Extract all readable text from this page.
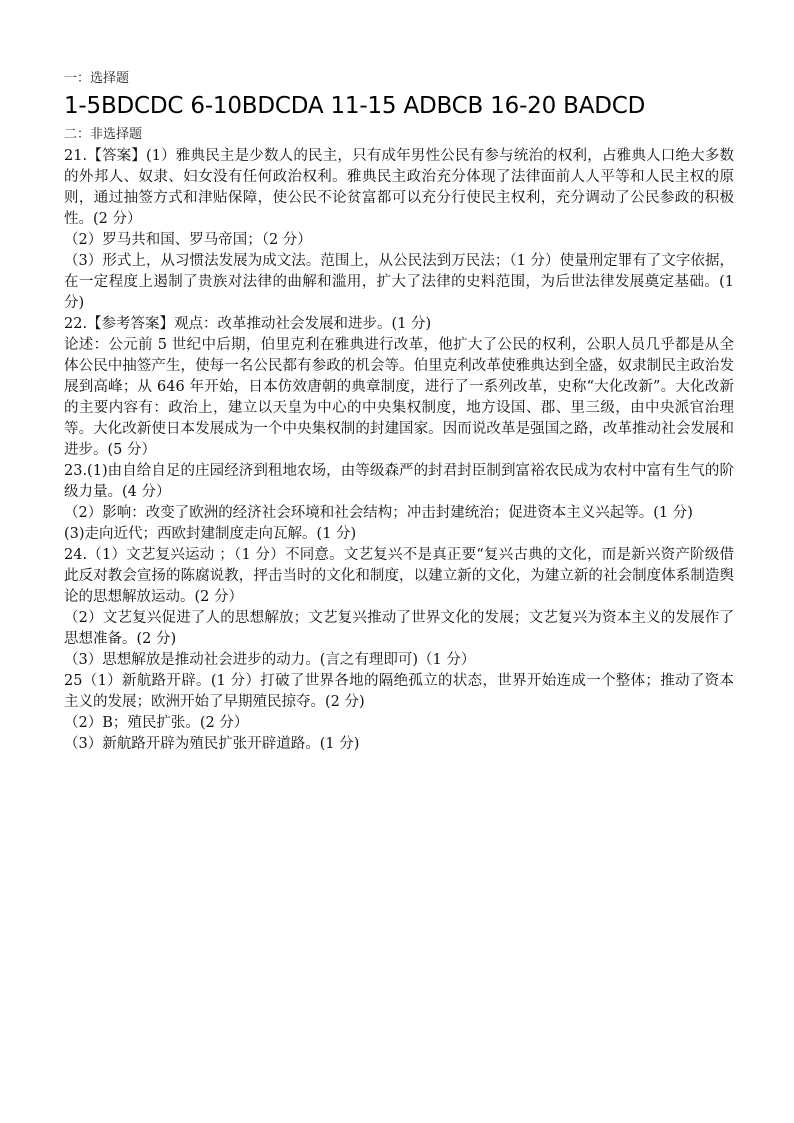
一：选择题
1-5BDCDC 6-10BDCDA 11-15 ADBCB 16-20 BADCD
二：非选择题

21.【答案】(1）雅典民主是少数人的民主，只有成年男性公民有参与统治的权利，占雅典人口绝大多数的外邦人、奴隶、妇女没有任何政治权利。雅典民主政治充分体现了法律面前人人平等和人民主权的原则，通过抽签方式和津贴保障，使公民不论贫富都可以充分行使民主权利，充分调动了公民参政的积极性。(2 分）

（2）罗马共和国、罗马帝国；（2 分）

（3）形式上，从习惯法发展为成文法。范围上，从公民法到万民法；（1 分）使量刑定罪有了文字依据，在一定程度上遏制了贵族对法律的曲解和滥用，扩大了法律的史料范围，为后世法律发展奠定基础。(1 分)

22.【参考答案】观点：改革推动社会发展和进步。(1 分)

论述：公元前 5 世纪中后期，伯里克利在雅典进行改革，他扩大了公民的权利，公职人员几乎都是从全体公民中抽签产生，使每一名公民都有参政的机会等。伯里克利改革使雅典达到全盛，奴隶制民主政治发展到高峰；从 646 年开始，日本仿效唐朝的典章制度，进行了一系列改革，史称“大化改新”。大化改新的主要内容有：政治上，建立以天皇为中心的中央集权制度，地方设国、郡、里三级，由中央派官治理等。大化改新使日本发展成为一个中央集权制的封建国家。因而说改革是强国之路，改革推动社会发展和进步。(5 分）

23.(1)由自给自足的庄园经济到租地农场，由等级森严的封君封臣制到富裕农民成为农村中富有生气的阶级力量。(4 分）

（2）影响：改变了欧洲的经济社会环境和社会结构；冲击封建统治；促进资本主义兴起等。(1 分)

(3)走向近代；西欧封建制度走向瓦解。(1 分)

24.（1）文艺复兴运动 ；（1 分）不同意。文艺复兴不是真正要“复兴古典的文化，而是新兴资产阶级借此反对教会宣扬的陈腐说教，抨击当时的文化和制度，以建立新的文化，为建立新的社会制度体系制造舆论的思想解放运动。(2 分）

（2）文艺复兴促进了人的思想解放；文艺复兴推动了世界文化的发展；文艺复兴为资本主义的发展作了思想准备。(2 分)

（3）思想解放是推动社会进步的动力。(言之有理即可)（1 分）

25（1）新航路开辟。(1 分）打破了世界各地的隔绝孤立的状态，世界开始连成一个整体；推动了资本主义的发展；欧洲开始了早期殖民掠夺。(2 分)

（2）B；殖民扩张。(2 分）

（3）新航路开辟为殖民扩张开辟道路。(1 分)
